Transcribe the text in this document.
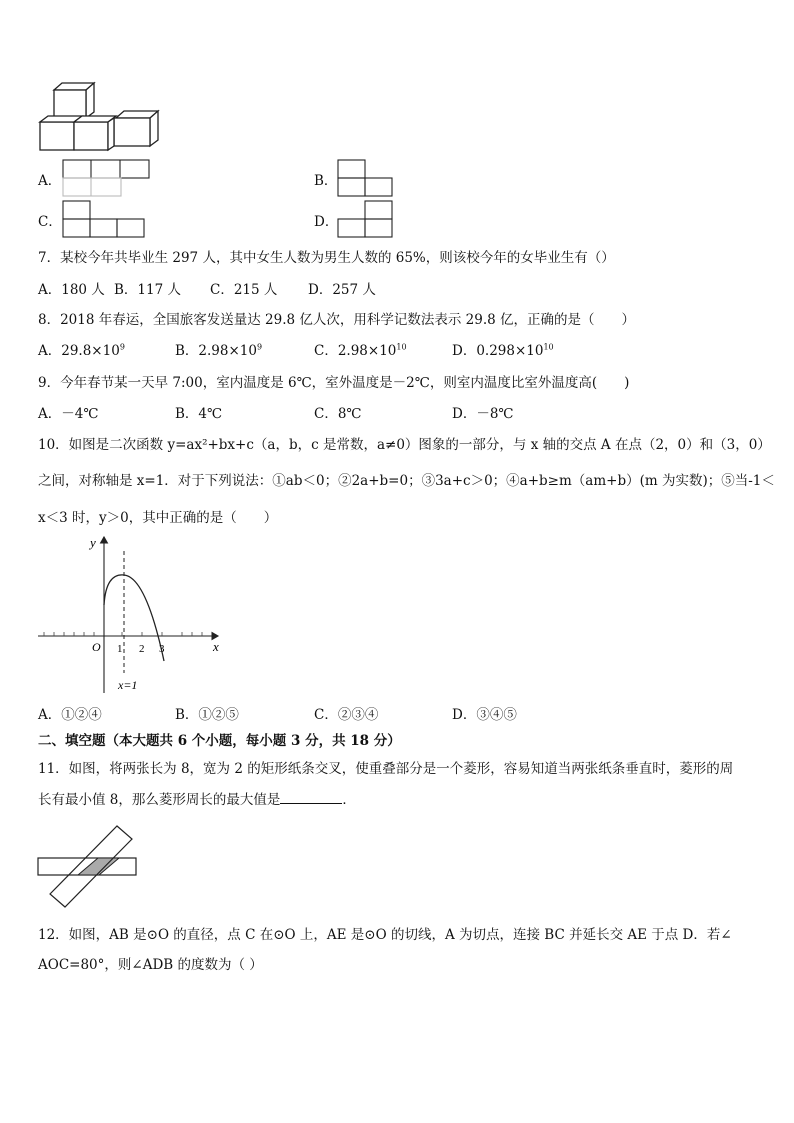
A．	B．
C．	D．
7．某校今年共毕业生 297 人，其中女生人数为男生人数的 65%，则该校今年的女毕业生有（）
A．180 人 B．117 人 C．215 人 D．257 人
8．2018 年春运，全国旅客发送量达 29.8 亿人次，用科学记数法表示 29.8 亿，正确的是（　　）
A．$29.8\times 10^9$	B．$2.98\times 10^9$	C．$2.98\times 10^{10}$	D．$0.298\times 10^{10}$
9．今年春节某一天早 7:00，室内温度是 6℃，室外温度是－2℃，则室内温度比室外温度高(　　)
A．－4℃	B．4℃	C．8℃	D．－8℃
10．如图是二次函数 y=ax²+bx+c（a，b，c 是常数，a≠0）图象的一部分，与 x 轴的交点 A 在点（2，0）和（3，0）
之间，对称轴是 x=1．对于下列说法：①ab＜0；②2a+b=0；③3a+c＞0；④a+b≥m（am+b）(m 为实数)；⑤当-1＜
x＜3 时，y＞0，其中正确的是（　　）
y
x
O 1 2 3
x=1
A．①②④	B．①②⑤	C．②③④	D．③④⑤
二、填空题（本大题共 6 个小题，每小题 3 分，共 18 分）
11．如图，将两张长为 8，宽为 2 的矩形纸条交叉，使重叠部分是一个菱形，容易知道当两张纸条垂直时，菱形的周
长有最小值 8，那么菱形周长的最大值是	．
12．如图，AB 是⊙O 的直径，点 C 在⊙O 上，AE 是⊙O 的切线，A 为切点，连接 BC 并延长交 AE 于点 D．若∠
AOC=80°，则∠ADB 的度数为（ ）
